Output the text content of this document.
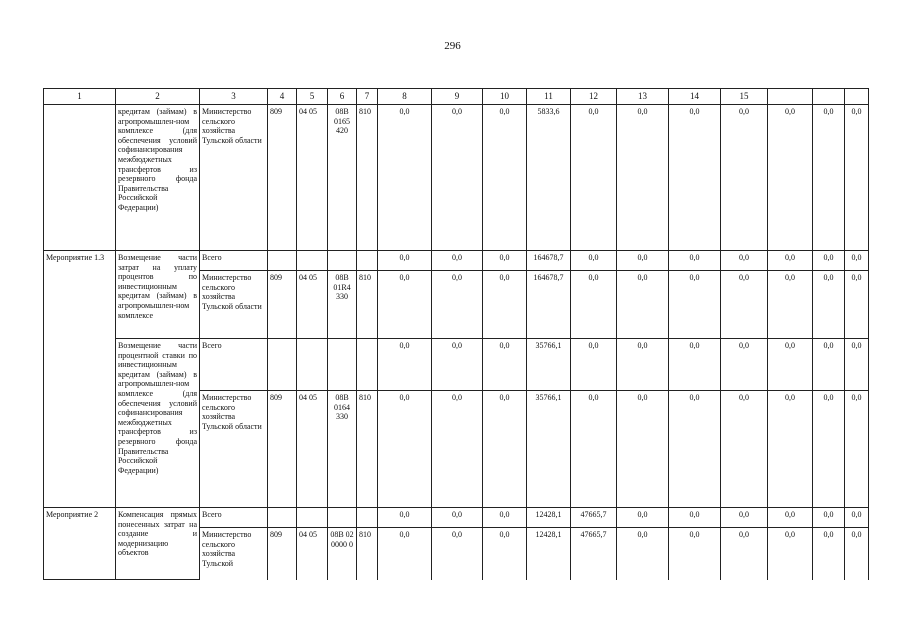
296
1	2	3	4	5	6	7	8	9	10	11	12	13	14	15			
	кредитам (займам) в агропромышлен-ном комплексе (для обеспечения условий софинансирования межбюджетных трансфертов из резервного фонда Правительства Российской Федерации)	Министерство сельского хозяйства Тульской области	809	04 05	08В 0165 420	810	0,0	0,0	0,0	5833,6	0,0	0,0	0,0	0,0	0,0	0,0	0,0
Мероприятие 1.3	Возмещение части затрат на уплату процентов по инвестиционным кредитам (займам) в агропромышлен-ном комплексе	Всего					0,0	0,0	0,0	164678,7	0,0	0,0	0,0	0,0	0,0	0,0	0,0
		Министерство сельского хозяйства Тульской области	809	04 05	08В 01R4 330	810	0,0	0,0	0,0	164678,7	0,0	0,0	0,0	0,0	0,0	0,0	0,0
	Возмещение части процентной ставки по инвестиционным кредитам (займам) в агропромышлен-ном комплексе (для обеспечения условий софинансирования межбюджетных трансфертов из резервного фонда Правительства Российской Федерации)	Всего					0,0	0,0	0,0	35766,1	0,0	0,0	0,0	0,0	0,0	0,0	0,0
		Министерство сельского хозяйства Тульской области	809	04 05	08В 0164 330	810	0,0	0,0	0,0	35766,1	0,0	0,0	0,0	0,0	0,0	0,0	0,0
Мероприятие 2	Компенсация прямых понесенных затрат на создание и модернизацию объектов	Всего					0,0	0,0	0,0	12428,1	47665,7	0,0	0,0	0,0	0,0	0,0	0,0
		Министерство сельского хозяйства Тульской	809	04 05	08В 02 0000 0	810	0,0	0,0	0,0	12428,1	47665,7	0,0	0,0	0,0	0,0	0,0	0,0
